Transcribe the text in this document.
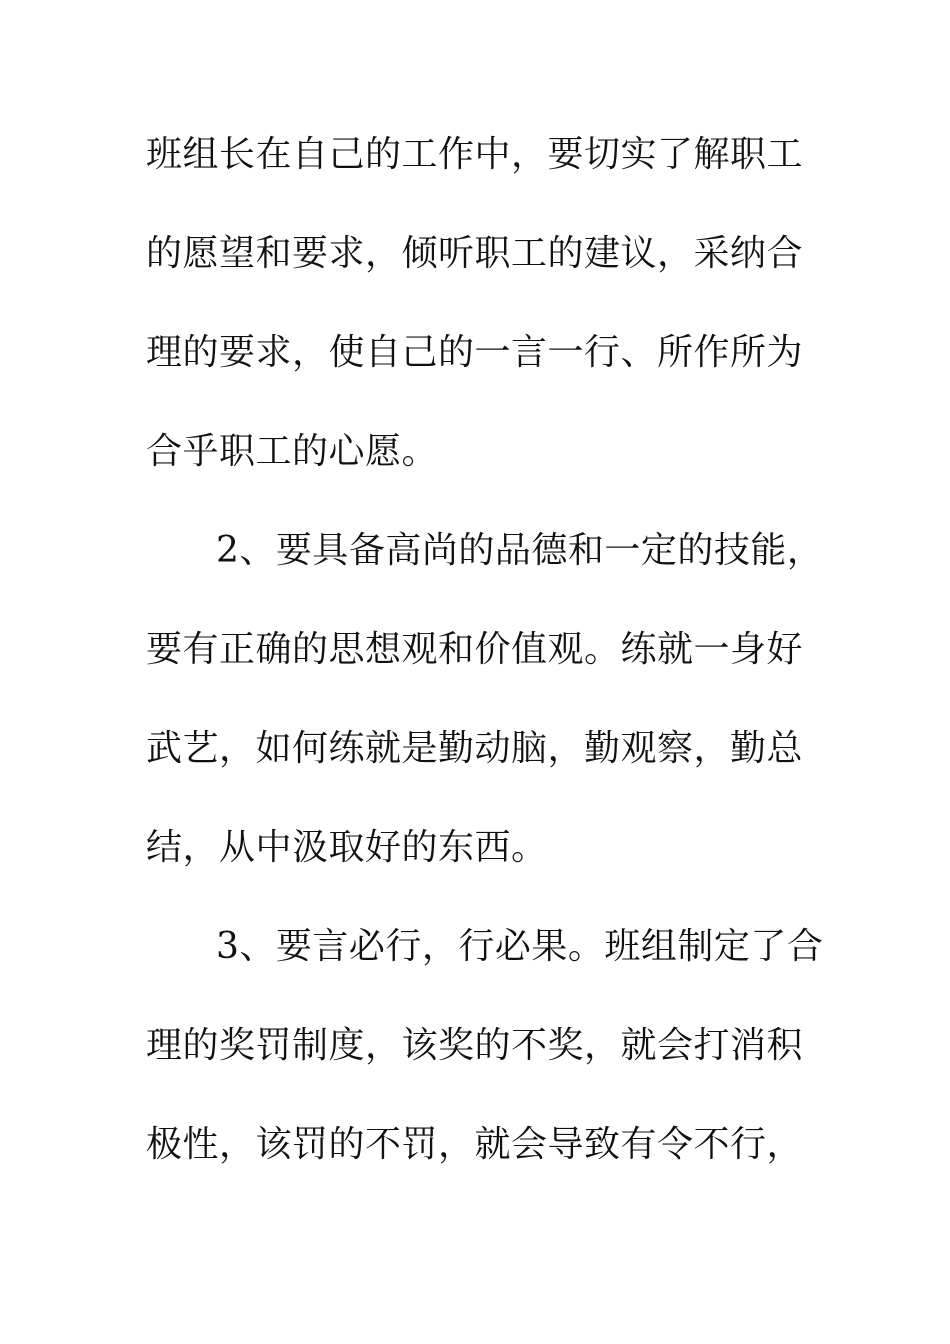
班组长在自己的工作中，要切实了解职工
的愿望和要求，倾听职工的建议，采纳合
理的要求，使自己的一言一行、所作所为
合乎职工的心愿。
2、要具备高尚的品德和一定的技能，
要有正确的思想观和价值观。练就一身好
武艺，如何练就是勤动脑，勤观察，勤总
结，从中汲取好的东西。
3、要言必行，行必果。班组制定了合
理的奖罚制度，该奖的不奖，就会打消积
极性，该罚的不罚，就会导致有令不行，
